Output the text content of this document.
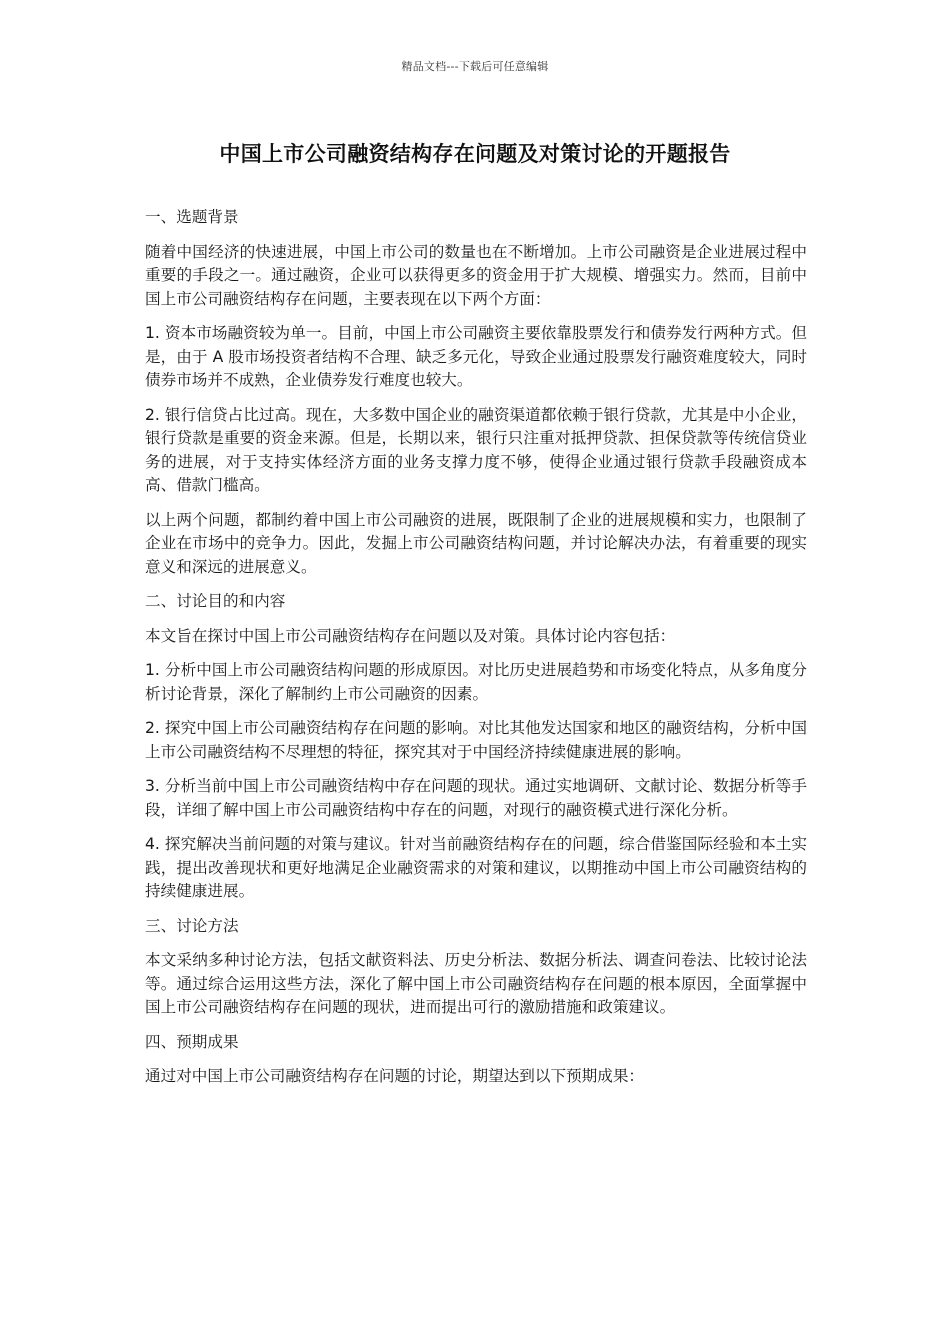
精品文档---下载后可任意编辑
中国上市公司融资结构存在问题及对策讨论的开题报告
一、选题背景

随着中国经济的快速进展，中国上市公司的数量也在不断增加。上市公司融资是企业进展过程中重要的手段之一。通过融资，企业可以获得更多的资金用于扩大规模、增强实力。然而，目前中国上市公司融资结构存在问题，主要表现在以下两个方面：

1. 资本市场融资较为单一。目前，中国上市公司融资主要依靠股票发行和债券发行两种方式。但是，由于 A 股市场投资者结构不合理、缺乏多元化，导致企业通过股票发行融资难度较大，同时债券市场并不成熟，企业债券发行难度也较大。

2. 银行信贷占比过高。现在，大多数中国企业的融资渠道都依赖于银行贷款，尤其是中小企业，银行贷款是重要的资金来源。但是，长期以来，银行只注重对抵押贷款、担保贷款等传统信贷业务的进展，对于支持实体经济方面的业务支撑力度不够，使得企业通过银行贷款手段融资成本高、借款门槛高。

以上两个问题，都制约着中国上市公司融资的进展，既限制了企业的进展规模和实力，也限制了企业在市场中的竞争力。因此，发掘上市公司融资结构问题，并讨论解决办法，有着重要的现实意义和深远的进展意义。

二、讨论目的和内容

本文旨在探讨中国上市公司融资结构存在问题以及对策。具体讨论内容包括：

1. 分析中国上市公司融资结构问题的形成原因。对比历史进展趋势和市场变化特点，从多角度分析讨论背景，深化了解制约上市公司融资的因素。

2. 探究中国上市公司融资结构存在问题的影响。对比其他发达国家和地区的融资结构，分析中国上市公司融资结构不尽理想的特征，探究其对于中国经济持续健康进展的影响。

3. 分析当前中国上市公司融资结构中存在问题的现状。通过实地调研、文献讨论、数据分析等手段，详细了解中国上市公司融资结构中存在的问题，对现行的融资模式进行深化分析。

4. 探究解决当前问题的对策与建议。针对当前融资结构存在的问题，综合借鉴国际经验和本土实践，提出改善现状和更好地满足企业融资需求的对策和建议，以期推动中国上市公司融资结构的持续健康进展。

三、讨论方法

本文采纳多种讨论方法，包括文献资料法、历史分析法、数据分析法、调查问卷法、比较讨论法等。通过综合运用这些方法，深化了解中国上市公司融资结构存在问题的根本原因，全面掌握中国上市公司融资结构存在问题的现状，进而提出可行的激励措施和政策建议。

四、预期成果

通过对中国上市公司融资结构存在问题的讨论，期望达到以下预期成果：
